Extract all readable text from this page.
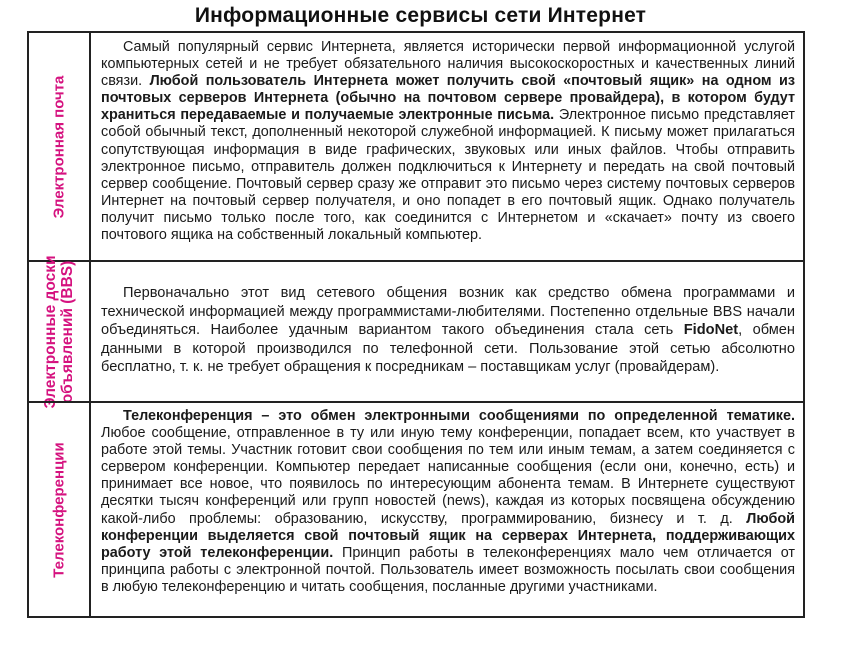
Информационные сервисы сети Интернет
Электронная почта

Самый популярный сервис Интернета, является исторически первой информационной услугой компьютерных сетей и не требует обязательного наличия высокоскоростных и качественных линий связи. Любой пользователь Интернета может получить свой «почтовый ящик» на одном из почтовых серверов Интернета (обычно на почтовом сервере провайдера), в котором будут храниться передаваемые и получаемые электронные письма. Электронное письмо представляет собой обычный текст, дополненный некоторой служебной информацией. К письму может прилагаться сопутствующая информация в виде графических, звуковых или иных файлов. Чтобы отправить электронное письмо, отправитель должен подключиться к Интернету и передать на свой почтовый сервер сообщение. Почтовый сервер сразу же отправит это письмо через систему почтовых серверов Интернет на почтовый сервер получателя, и оно попадет в его почтовый ящик. Однако получатель получит письмо только после того, как соединится с Интернетом и «скачает» почту из своего почтового ящика на собственный локальный компьютер.

Электронные доски объявлений (BBS)	Первоначально этот вид сетевого общения возник как средство обмена программами и технической информацией между программистами-любителями. Постепенно отдельные BBS начали объединяться. Наиболее удачным вариантом такого объединения стала сеть FidoNet, обмен данными в которой производился по телефонной сети. Пользование этой сетью абсолютно бесплатно, т. к. не требует обращения к посредникам – поставщикам услуг (провайдерам).

Телеконференции

Телеконференция – это обмен электронными сообщениями по определенной тематике. Любое сообщение, отправленное в ту или иную тему конференции, попадает всем, кто участвует в работе этой темы. Участник готовит свои сообщения по тем или иным темам, а затем соединяется с сервером конференции. Компьютер передает написанные сообщения (если они, конечно, есть) и принимает все новое, что появилось по интересующим абонента темам. В Интернете существуют десятки тысяч конференций или групп новостей (news), каждая из которых посвящена обсуждению какой-либо проблемы: образованию, искусству, программированию, бизнесу и т. д. Любой конференции выделяется свой почтовый ящик на серверах Интернета, поддерживающих работу этой телеконференции. Принцип работы в телеконференциях мало чем отличается от принципа работы с электронной почтой. Пользователь имеет возможность посылать свои сообщения в любую телеконференцию и читать сообщения, посланные другими участниками.
